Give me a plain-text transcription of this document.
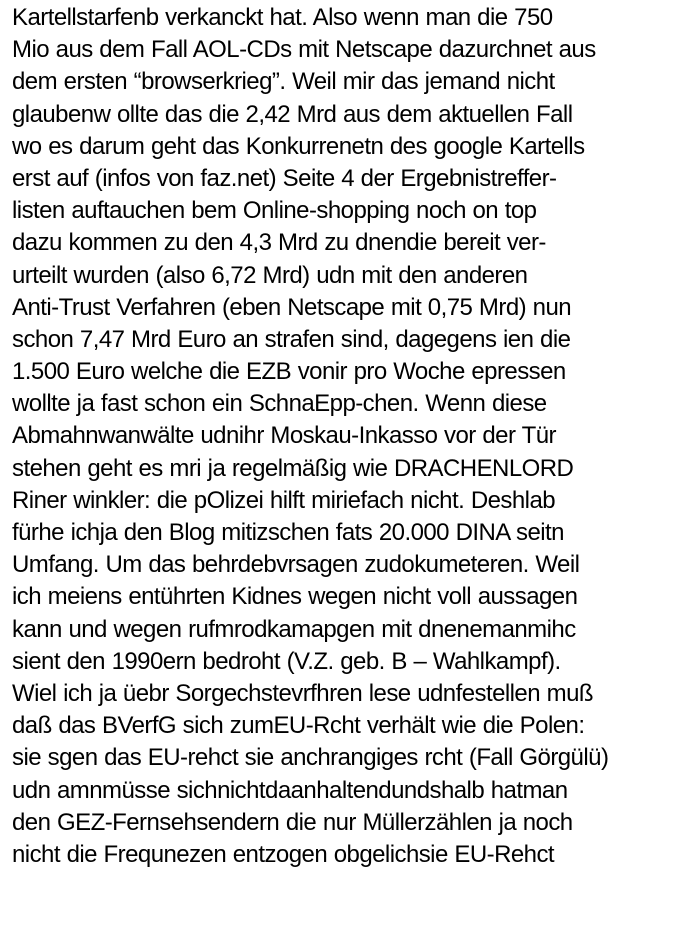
Kartellstarfenb verkanckt hat. Also wenn man die 750
Mio aus dem Fall AOL-CDs mit Netscape dazurchnet aus
dem ersten “browserkrieg”. Weil mir das jemand nicht
glaubenw ollte das die 2,42 Mrd aus dem aktuellen Fall
wo es darum geht das Konkurrenetn des google Kartells
erst auf (infos von faz.net) Seite 4 der Ergebnistreffer-
listen auftauchen bem Online-shopping noch on top
dazu kommen zu den 4,3 Mrd zu dnendie bereit ver-
urteilt wurden (also 6,72 Mrd) udn mit den anderen
Anti-Trust Verfahren (eben Netscape mit 0,75 Mrd) nun
schon 7,47 Mrd Euro an strafen sind, dagegens ien die
1.500 Euro welche die EZB vonir pro Woche epressen
wollte ja fast schon ein SchnaEpp-chen. Wenn diese
Abmahnwanwälte udnihr Moskau-Inkasso vor der Tür
stehen geht es mri ja regelmäßig wie DRACHENLORD
Riner winkler: die pOlizei hilft miriefach nicht. Deshlab
fürhe ichja den Blog mitizschen fats 20.000 DINA seitn
Umfang. Um das behrdebvrsagen zudokumeteren. Weil
ich meiens entührten Kidnes wegen nicht voll aussagen
kann und wegen rufmrodkamapgen mit dnenemanmihc
sient den 1990ern bedroht (V.Z. geb. B – Wahlkampf).
Wiel ich ja üebr Sorgechstevrfhren lese udnfestellen muß
daß das BVerfG sich zumEU-Rcht verhält wie die Polen:
sie sgen das EU-rehct sie anchrangiges rcht (Fall Görgülü)
udn amnmüsse sichnichtdaanhaltendundshalb hatman
den GEZ-Fernsehsendern die nur Müllerzählen ja noch
nicht die Frequnezen entzogen obgelichsie EU-Rehct
